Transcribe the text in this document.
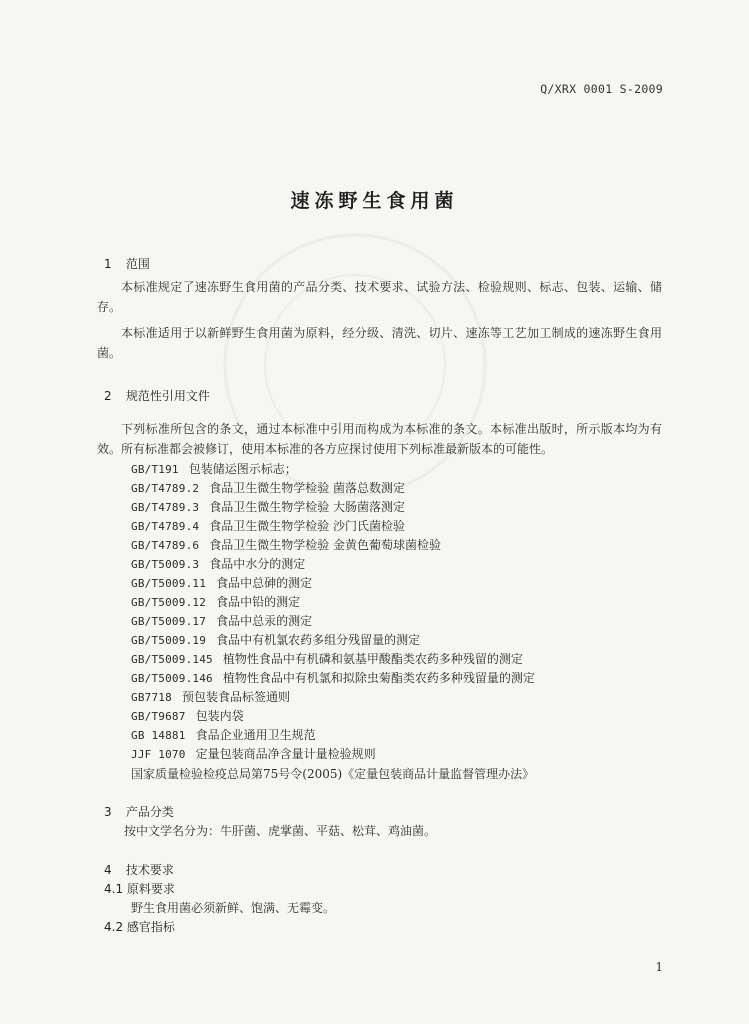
Q/XRX 0001 S-2009
速冻野生食用菌
1 范围

本标准规定了速冻野生食用菌的产品分类、技术要求、试验方法、检验规则、标志、包装、运输、储存。

本标准适用于以新鲜野生食用菌为原料，经分级、清洗、切片、速冻等工艺加工制成的速冻野生食用菌。

2 规范性引用文件

下列标准所包含的条文，通过本标准中引用而构成为本标准的条文。本标准出版时，所示版本均为有效。所有标准都会被修订，使用本标准的各方应探讨使用下列标准最新版本的可能性。

GB/T191 包装储运图示标志；
GB/T4789.2 食品卫生微生物学检验 菌落总数测定
GB/T4789.3 食品卫生微生物学检验 大肠菌落测定
GB/T4789.4 食品卫生微生物学检验 沙门氏菌检验
GB/T4789.6 食品卫生微生物学检验 金黄色葡萄球菌检验
GB/T5009.3 食品中水分的测定
GB/T5009.11 食品中总砷的测定
GB/T5009.12 食品中铅的测定
GB/T5009.17 食品中总汞的测定
GB/T5009.19 食品中有机氯农药多组分残留量的测定
GB/T5009.145 植物性食品中有机磷和氨基甲酸酯类农药多种残留的测定
GB/T5009.146 植物性食品中有机氯和拟除虫菊酯类农药多种残留量的测定
GB7718 预包装食品标签通则
GB/T9687 包装内袋
GB 14881 食品企业通用卫生规范
JJF 1070 定量包装商品净含量计量检验规则
国家质量检验检疫总局第75号令(2005)《定量包装商品计量监督管理办法》
3 产品分类
按中文学名分为：牛肝菌、虎掌菌、平菇、松茸、鸡油菌。
4 技术要求
4.1 原料要求
野生食用菌必须新鲜、饱满、无霉变。
4.2 感官指标
1
